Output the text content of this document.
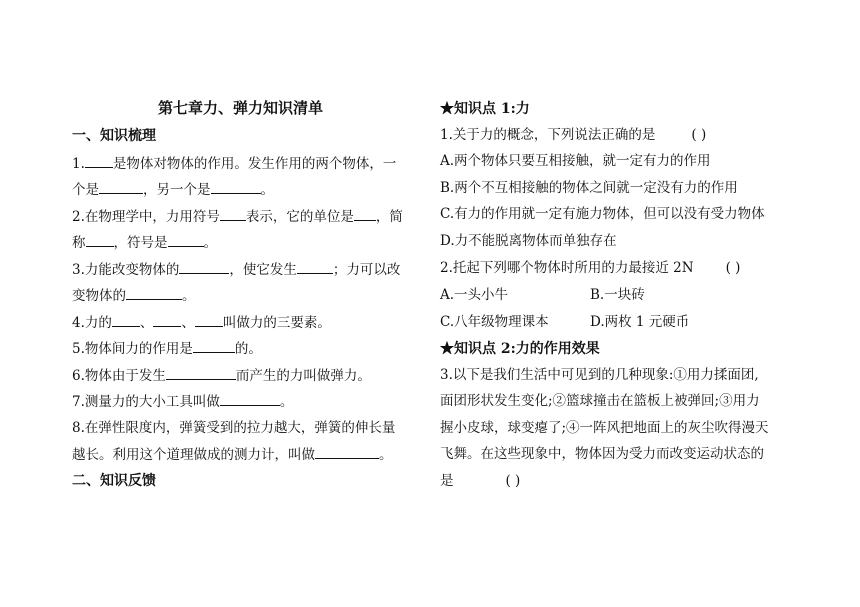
第七章力、弹力知识清单
一、知识梳理
1. 是物体对物体的作用。发生作用的两个物体，一
个是	，另一个是	。
2.在物理学中，力用符号 表示，它的单位是 ，简
称 ，符号是	。
3.力能改变物体的	，使它发生	；力可以改
变物体的	。
4.力的 、 、 叫做力的三要素。
5.物体间力的作用是	的。
6.物体由于发生	而产生的力叫做弹力。
7.测量力的大小工具叫做	。
8.在弹性限度内，弹簧受到的拉力越大，弹簧的伸长量
越长。利用这个道理做成的测力计，叫做	。
二、知识反馈
★知识点 1:力
1.关于力的概念，下列说法正确的是	( )
A.两个物体只要互相接触，就一定有力的作用
B.两个不互相接触的物体之间就一定没有力的作用
C.有力的作用就一定有施力物体，但可以没有受力物体
D.力不能脱离物体而单独存在
2.托起下列哪个物体时所用的力最接近 2N ( )
A.一头小牛	B.一块砖
C.八年级物理课本	D.两枚 1 元硬币
★知识点 2:力的作用效果
3.以下是我们生活中可见到的几种现象:①用力揉面团,
面团形状发生变化;②篮球撞击在篮板上被弹回;③用力
握小皮球，球变瘪了;④一阵风把地面上的灰尘吹得漫天
飞舞。在这些现象中，物体因为受力而改变运动状态的
是	( )
